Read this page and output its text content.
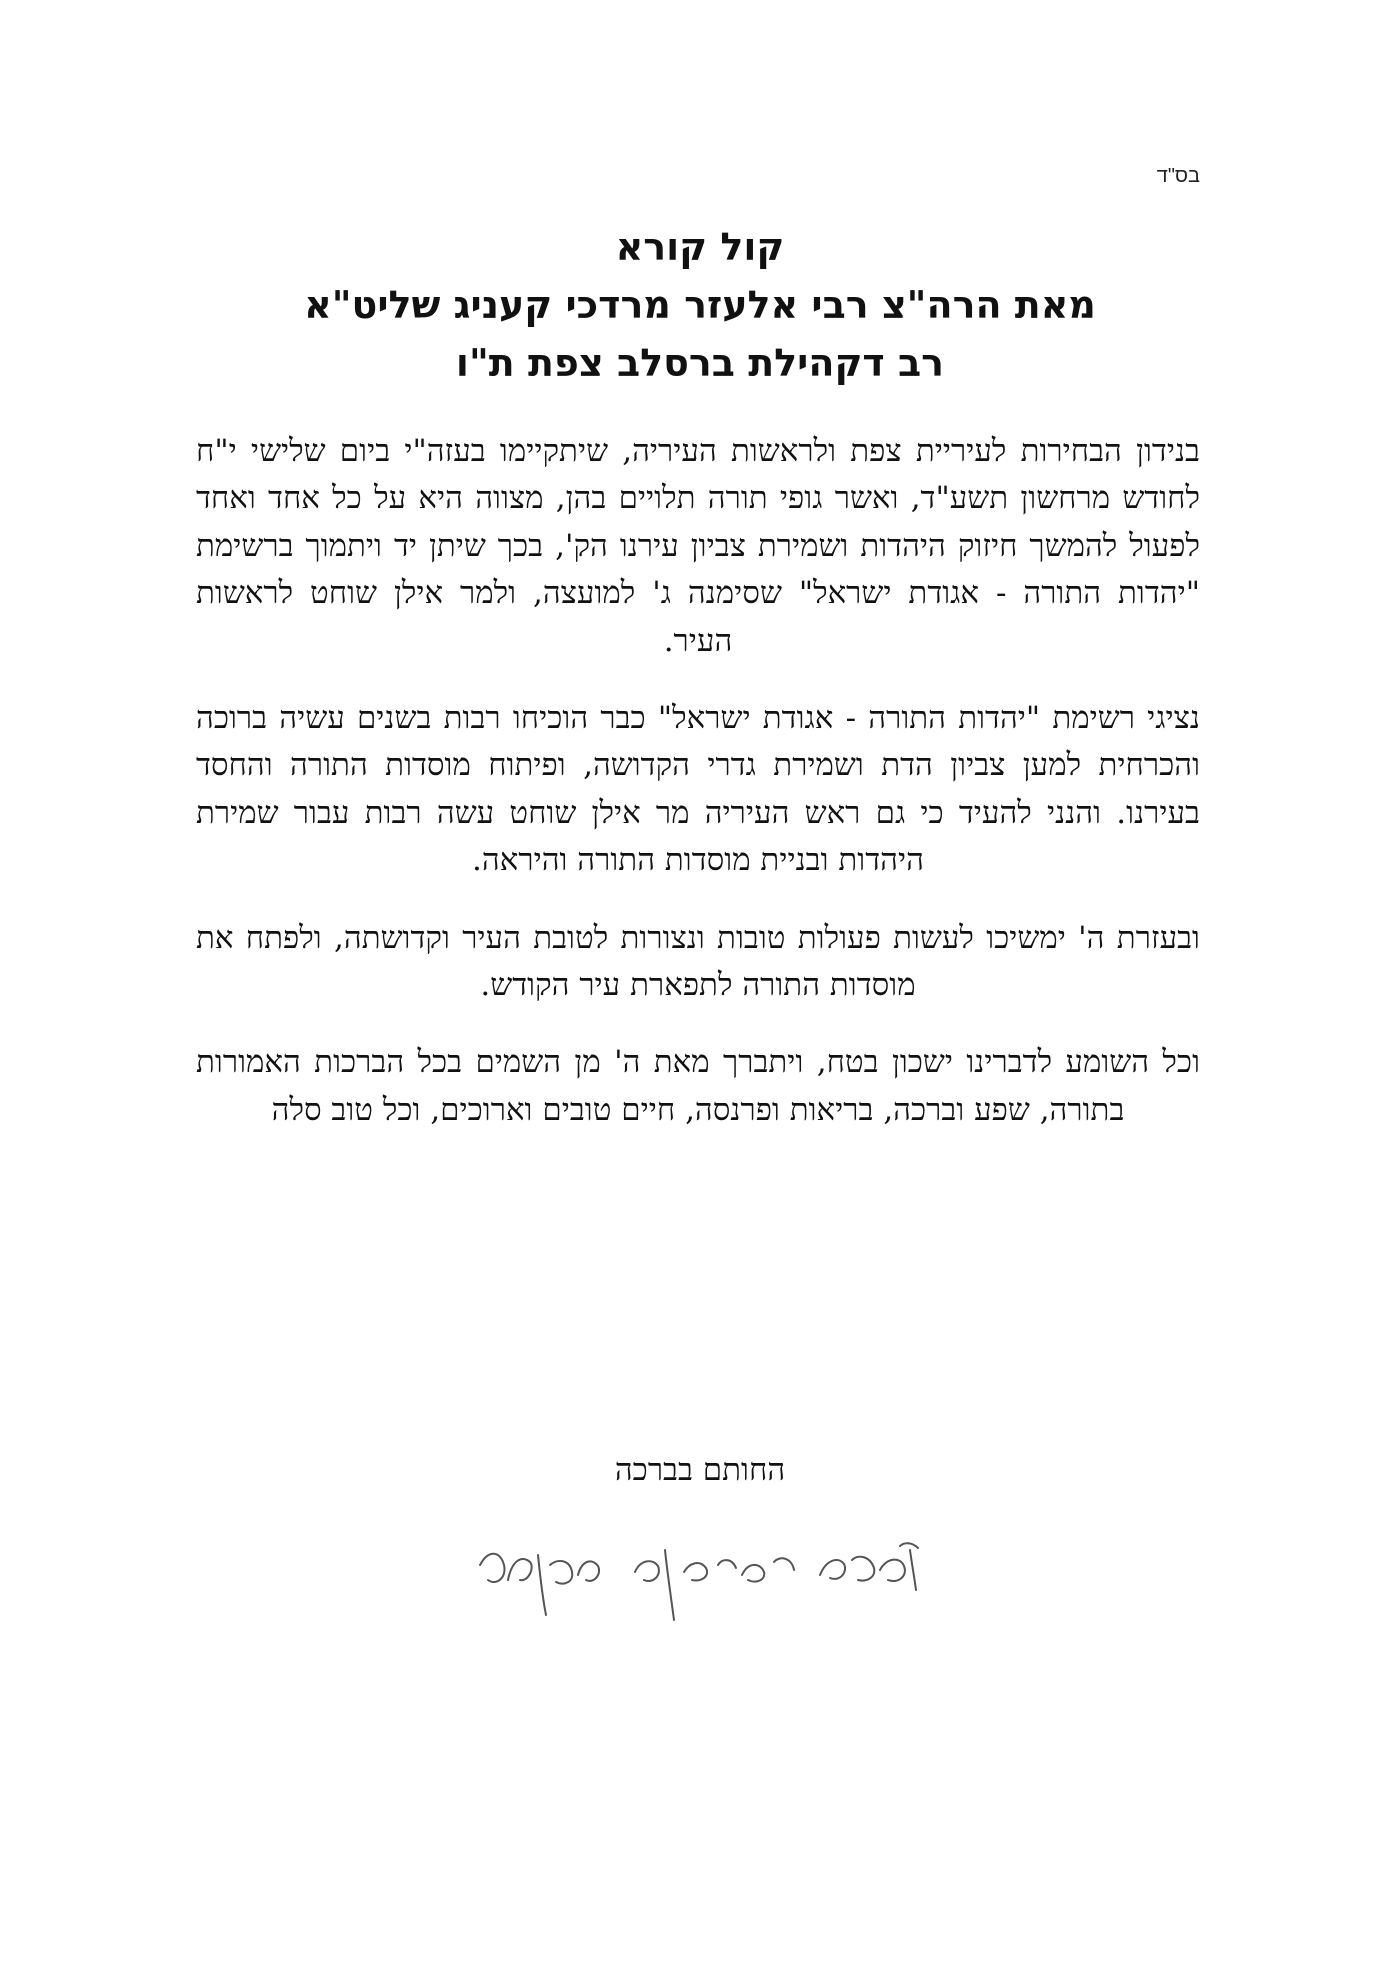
בס"ד
קול קורא
מאת הרה"צ רבי אלעזר מרדכי קעניג שליט"א
רב דקהילת ברסלב צפת ת"ו

בנידון הבחירות לעיריית צפת ולראשות העיריה, שיתקיימו בעזה"י ביום שלישי י"ח לחודש מרחשון תשע"ד, ואשר גופי תורה תלויים בהן, מצווה היא על כל אחד ואחד לפעול להמשך חיזוק היהדות ושמירת צביון עירנו הק', בכך שיתן יד ויתמוך ברשימת "יהדות התורה - אגודת ישראל" שסימנה ג' למועצה, ולמר אילן שוחט לראשות העיר.

נציגי רשימת "יהדות התורה - אגודת ישראל" כבר הוכיחו רבות בשנים עשיה ברוכה והכרחית למען צביון הדת ושמירת גדרי הקדושה, ופיתוח מוסדות התורה והחסד בעירנו. והנני להעיד כי גם ראש העיריה מר אילן שוחט עשה רבות עבור שמירת היהדות ובניית מוסדות התורה והיראה.

ובעזרת ה' ימשיכו לעשות פעולות טובות ונצורות לטובת העיר וקדושתה, ולפתח את מוסדות התורה לתפארת עיר הקודש.

וכל השומע לדברינו ישכון בטח, ויתברך מאת ה' מן השמים בכל הברכות האמורות בתורה, שפע וברכה, בריאות ופרנסה, חיים טובים וארוכים, וכל טוב סלה

החותם בברכה
